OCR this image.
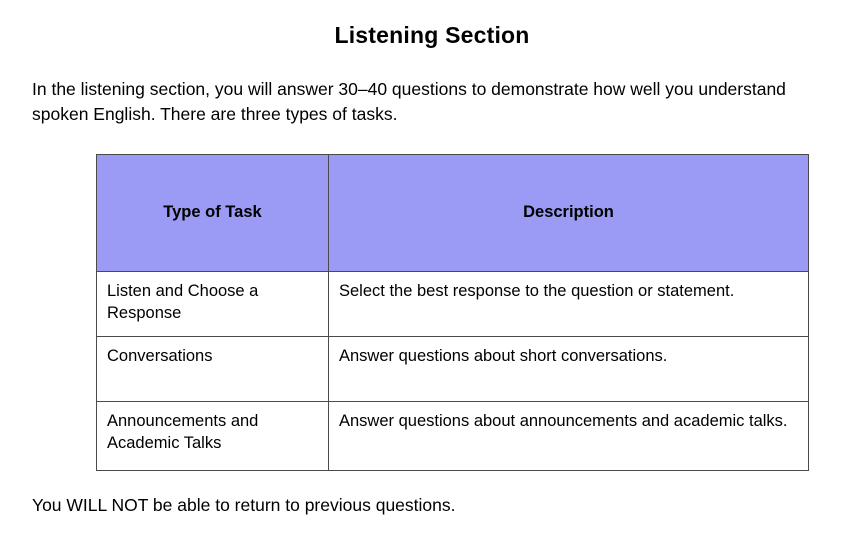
Listening Section

In the listening section, you will answer 30–40 questions to demonstrate how well you understand spoken English. There are three types of tasks.

Type of Task	Description
Listen and Choose a Response	Select the best response to the question or statement.
Conversations	Answer questions about short conversations.
Announcements and Academic Talks	Answer questions about announcements and academic talks.

You WILL NOT be able to return to previous questions.
